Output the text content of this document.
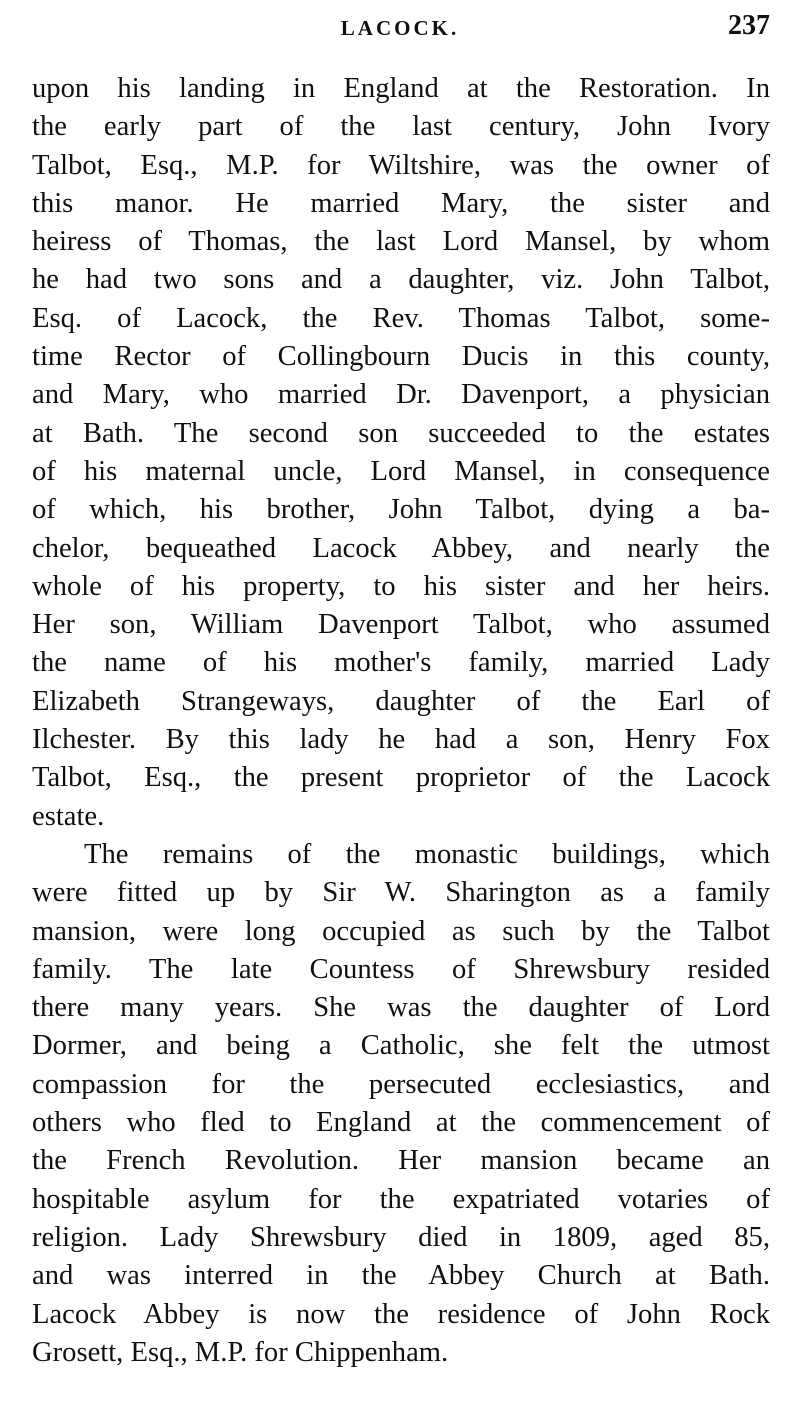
LACOCK.	237
upon his landing in England at the Restoration. In
the early part of the last century, John Ivory
Talbot, Esq., M.P. for Wiltshire, was the owner of
this manor. He married Mary, the sister and
heiress of Thomas, the last Lord Mansel, by whom
he had two sons and a daughter, viz. John Talbot,
Esq. of Lacock, the Rev. Thomas Talbot, some-
time Rector of Collingbourn Ducis in this county,
and Mary, who married Dr. Davenport, a physician
at Bath. The second son succeeded to the estates
of his maternal uncle, Lord Mansel, in consequence
of which, his brother, John Talbot, dying a ba-
chelor, bequeathed Lacock Abbey, and nearly the
whole of his property, to his sister and her heirs.
Her son, William Davenport Talbot, who assumed
the name of his mother's family, married Lady
Elizabeth Strangeways, daughter of the Earl of
Ilchester. By this lady he had a son, Henry Fox
Talbot, Esq., the present proprietor of the Lacock
estate.
The remains of the monastic buildings, which
were fitted up by Sir W. Sharington as a family
mansion, were long occupied as such by the Talbot
family. The late Countess of Shrewsbury resided
there many years. She was the daughter of Lord
Dormer, and being a Catholic, she felt the utmost
compassion for the persecuted ecclesiastics, and
others who fled to England at the commencement of
the French Revolution. Her mansion became an
hospitable asylum for the expatriated votaries of
religion. Lady Shrewsbury died in 1809, aged 85,
and was interred in the Abbey Church at Bath.
Lacock Abbey is now the residence of John Rock
Grosett, Esq., M.P. for Chippenham.
